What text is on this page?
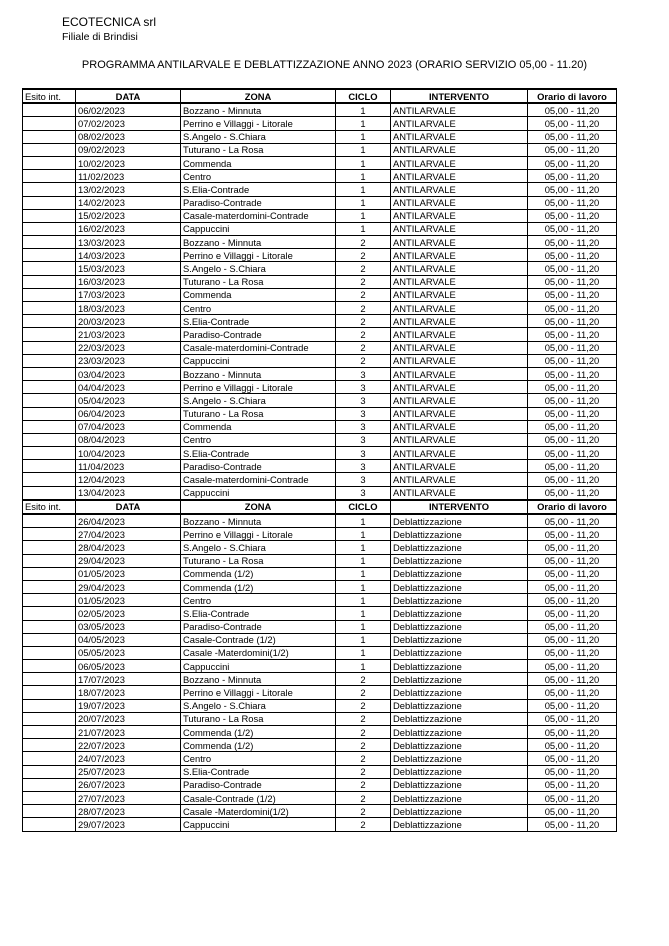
ECOTECNICA srl
Filiale di Brindisi
PROGRAMMA ANTILARVALE E DEBLATTIZZAZIONE ANNO 2023 (ORARIO SERVIZIO 05,00 - 11.20)
Esito int.	DATA	ZONA	CICLO	INTERVENTO	Orario di lavoro
	06/02/2023	Bozzano - Minnuta	1	ANTILARVALE	05,00 - 11,20
	07/02/2023	Perrino e Villaggi - Litorale	1	ANTILARVALE	05,00 - 11,20
	08/02/2023	S.Angelo - S.Chiara	1	ANTILARVALE	05,00 - 11,20
	09/02/2023	Tuturano - La Rosa	1	ANTILARVALE	05,00 - 11,20
	10/02/2023	Commenda	1	ANTILARVALE	05,00 - 11,20
	11/02/2023	Centro	1	ANTILARVALE	05,00 - 11,20
	13/02/2023	S.Elia-Contrade	1	ANTILARVALE	05,00 - 11,20
	14/02/2023	Paradiso-Contrade	1	ANTILARVALE	05,00 - 11,20
	15/02/2023	Casale-materdomini-Contrade	1	ANTILARVALE	05,00 - 11,20
	16/02/2023	Cappuccini	1	ANTILARVALE	05,00 - 11,20
	13/03/2023	Bozzano - Minnuta	2	ANTILARVALE	05,00 - 11,20
	14/03/2023	Perrino e Villaggi - Litorale	2	ANTILARVALE	05,00 - 11,20
	15/03/2023	S.Angelo - S.Chiara	2	ANTILARVALE	05,00 - 11,20
	16/03/2023	Tuturano - La Rosa	2	ANTILARVALE	05,00 - 11,20
	17/03/2023	Commenda	2	ANTILARVALE	05,00 - 11,20
	18/03/2023	Centro	2	ANTILARVALE	05,00 - 11,20
	20/03/2023	S.Elia-Contrade	2	ANTILARVALE	05,00 - 11,20
	21/03/2023	Paradiso-Contrade	2	ANTILARVALE	05,00 - 11,20
	22/03/2023	Casale-materdomini-Contrade	2	ANTILARVALE	05,00 - 11,20
	23/03/2023	Cappuccini	2	ANTILARVALE	05,00 - 11,20
	03/04/2023	Bozzano - Minnuta	3	ANTILARVALE	05,00 - 11,20
	04/04/2023	Perrino e Villaggi - Litorale	3	ANTILARVALE	05,00 - 11,20
	05/04/2023	S.Angelo - S.Chiara	3	ANTILARVALE	05,00 - 11,20
	06/04/2023	Tuturano - La Rosa	3	ANTILARVALE	05,00 - 11,20
	07/04/2023	Commenda	3	ANTILARVALE	05,00 - 11,20
	08/04/2023	Centro	3	ANTILARVALE	05,00 - 11,20
	10/04/2023	S.Elia-Contrade	3	ANTILARVALE	05,00 - 11,20
	11/04/2023	Paradiso-Contrade	3	ANTILARVALE	05,00 - 11,20
	12/04/2023	Casale-materdomini-Contrade	3	ANTILARVALE	05,00 - 11,20
	13/04/2023	Cappuccini	3	ANTILARVALE	05,00 - 11,20
Esito int.	DATA	ZONA	CICLO	INTERVENTO	Orario di lavoro
	26/04/2023	Bozzano - Minnuta	1	Deblattizzazione	05,00 - 11,20
	27/04/2023	Perrino e Villaggi - Litorale	1	Deblattizzazione	05,00 - 11,20
	28/04/2023	S.Angelo - S.Chiara	1	Deblattizzazione	05,00 - 11,20
	29/04/2023	Tuturano - La Rosa	1	Deblattizzazione	05,00 - 11,20
	01/05/2023	Commenda (1/2)	1	Deblattizzazione	05,00 - 11,20
	29/04/2023	Commenda (1/2)	1	Deblattizzazione	05,00 - 11,20
	01/05/2023	Centro	1	Deblattizzazione	05,00 - 11,20
	02/05/2023	S.Elia-Contrade	1	Deblattizzazione	05,00 - 11,20
	03/05/2023	Paradiso-Contrade	1	Deblattizzazione	05,00 - 11,20
	04/05/2023	Casale-Contrade (1/2)	1	Deblattizzazione	05,00 - 11,20
	05/05/2023	Casale -Materdomini(1/2)	1	Deblattizzazione	05,00 - 11,20
	06/05/2023	Cappuccini	1	Deblattizzazione	05,00 - 11,20
	17/07/2023	Bozzano - Minnuta	2	Deblattizzazione	05,00 - 11,20
	18/07/2023	Perrino e Villaggi - Litorale	2	Deblattizzazione	05,00 - 11,20
	19/07/2023	S.Angelo - S.Chiara	2	Deblattizzazione	05,00 - 11,20
	20/07/2023	Tuturano - La Rosa	2	Deblattizzazione	05,00 - 11,20
	21/07/2023	Commenda (1/2)	2	Deblattizzazione	05,00 - 11,20
	22/07/2023	Commenda (1/2)	2	Deblattizzazione	05,00 - 11,20
	24/07/2023	Centro	2	Deblattizzazione	05,00 - 11,20
	25/07/2023	S.Elia-Contrade	2	Deblattizzazione	05,00 - 11,20
	26/07/2023	Paradiso-Contrade	2	Deblattizzazione	05,00 - 11,20
	27/07/2023	Casale-Contrade (1/2)	2	Deblattizzazione	05,00 - 11,20
	28/07/2023	Casale -Materdomini(1/2)	2	Deblattizzazione	05,00 - 11,20
	29/07/2023	Cappuccini	2	Deblattizzazione	05,00 - 11,20
